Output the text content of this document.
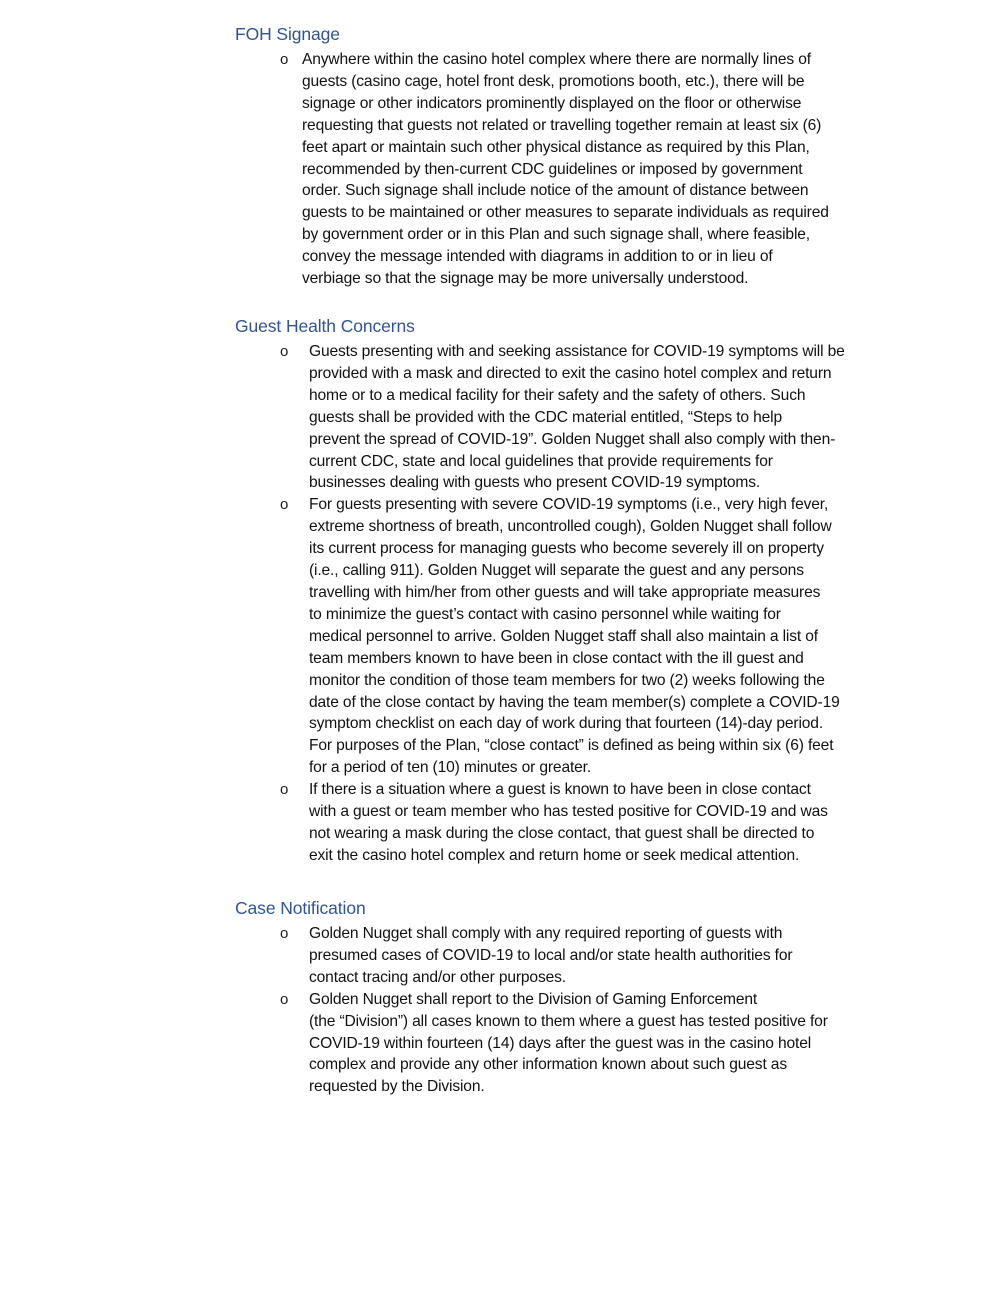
FOH Signage
o Anywhere within the casino hotel complex where there are normally lines of
guests (casino cage, hotel front desk, promotions booth, etc.), there will be
signage or other indicators prominently displayed on the floor or otherwise
requesting that guests not related or travelling together remain at least six (6)
feet apart or maintain such other physical distance as required by this Plan,
recommended by then-current CDC guidelines or imposed by government
order. Such signage shall include notice of the amount of distance between
guests to be maintained or other measures to separate individuals as required
by government order or in this Plan and such signage shall, where feasible,
convey the message intended with diagrams in addition to or in lieu of
verbiage so that the signage may be more universally understood.
Guest Health Concerns
o	Guests presenting with and seeking assistance for COVID-19 symptoms will be
provided with a mask and directed to exit the casino hotel complex and return
home or to a medical facility for their safety and the safety of others. Such
guests shall be provided with the CDC material entitled, “Steps to help
prevent the spread of COVID-19”. Golden Nugget shall also comply with then-
current CDC, state and local guidelines that provide requirements for
businesses dealing with guests who present COVID-19 symptoms.
o	For guests presenting with severe COVID-19 symptoms (i.e., very high fever,
extreme shortness of breath, uncontrolled cough), Golden Nugget shall follow
its current process for managing guests who become severely ill on property
(i.e., calling 911). Golden Nugget will separate the guest and any persons
travelling with him/her from other guests and will take appropriate measures
to minimize the guest’s contact with casino personnel while waiting for
medical personnel to arrive. Golden Nugget staff shall also maintain a list of
team members known to have been in close contact with the ill guest and
monitor the condition of those team members for two (2) weeks following the
date of the close contact by having the team member(s) complete a COVID-19
symptom checklist on each day of work during that fourteen (14)-day period.
For purposes of the Plan, “close contact” is defined as being within six (6) feet
for a period of ten (10) minutes or greater.
o	If there is a situation where a guest is known to have been in close contact
with a guest or team member who has tested positive for COVID-19 and was
not wearing a mask during the close contact, that guest shall be directed to
exit the casino hotel complex and return home or seek medical attention.
Case Notification
o	Golden Nugget shall comply with any required reporting of guests with
presumed cases of COVID-19 to local and/or state health authorities for
contact tracing and/or other purposes.
o	Golden Nugget shall report to the Division of Gaming Enforcement
(the “Division”) all cases known to them where a guest has tested positive for
COVID-19 within fourteen (14) days after the guest was in the casino hotel
complex and provide any other information known about such guest as
requested by the Division.
